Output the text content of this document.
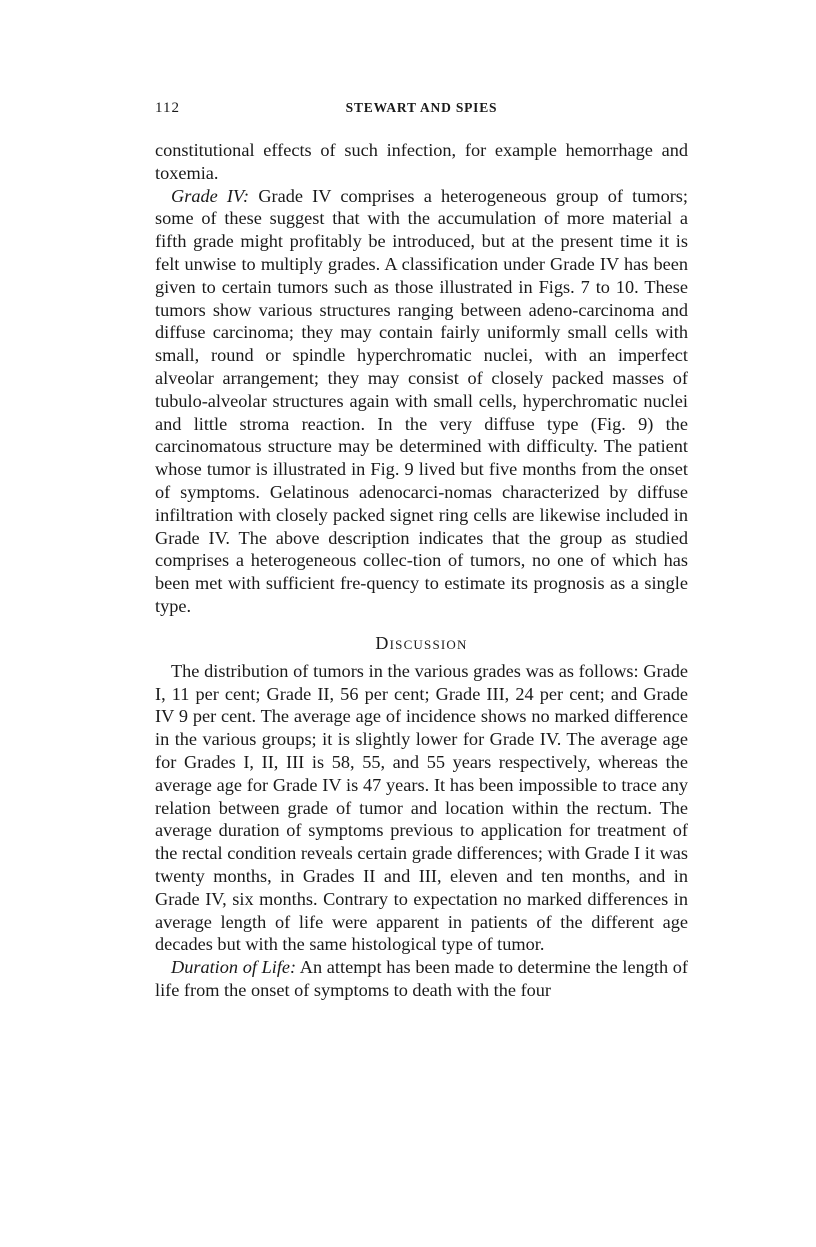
112	STEWART AND SPIES

constitutional effects of such infection, for example hemorrhage and toxemia.

Grade IV: Grade IV comprises a heterogeneous group of tumors; some of these suggest that with the accumulation of more material a fifth grade might profitably be introduced, but at the present time it is felt unwise to multiply grades. A classification under Grade IV has been given to certain tumors such as those illustrated in Figs. 7 to 10. These tumors show various structures ranging between adeno-carcinoma and diffuse carcinoma; they may contain fairly uniformly small cells with small, round or spindle hyperchromatic nuclei, with an imperfect alveolar arrangement; they may consist of closely packed masses of tubulo-alveolar structures again with small cells, hyperchromatic nuclei and little stroma reaction. In the very diffuse type (Fig. 9) the carcinomatous structure may be determined with difficulty. The patient whose tumor is illustrated in Fig. 9 lived but five months from the onset of symptoms. Gelatinous adenocarci-nomas characterized by diffuse infiltration with closely packed signet ring cells are likewise included in Grade IV. The above description indicates that the group as studied comprises a heterogeneous collec-tion of tumors, no one of which has been met with sufficient fre-quency to estimate its prognosis as a single type.

Discussion

The distribution of tumors in the various grades was as follows: Grade I, 11 per cent; Grade II, 56 per cent; Grade III, 24 per cent; and Grade IV 9 per cent. The average age of incidence shows no marked difference in the various groups; it is slightly lower for Grade IV. The average age for Grades I, II, III is 58, 55, and 55 years respectively, whereas the average age for Grade IV is 47 years. It has been impossible to trace any relation between grade of tumor and location within the rectum. The average duration of symptoms previous to application for treatment of the rectal condition reveals certain grade differences; with Grade I it was twenty months, in Grades II and III, eleven and ten months, and in Grade IV, six months. Contrary to expectation no marked differences in average length of life were apparent in patients of the different age decades but with the same histological type of tumor.

Duration of Life: An attempt has been made to determine the length of life from the onset of symptoms to death with the four
